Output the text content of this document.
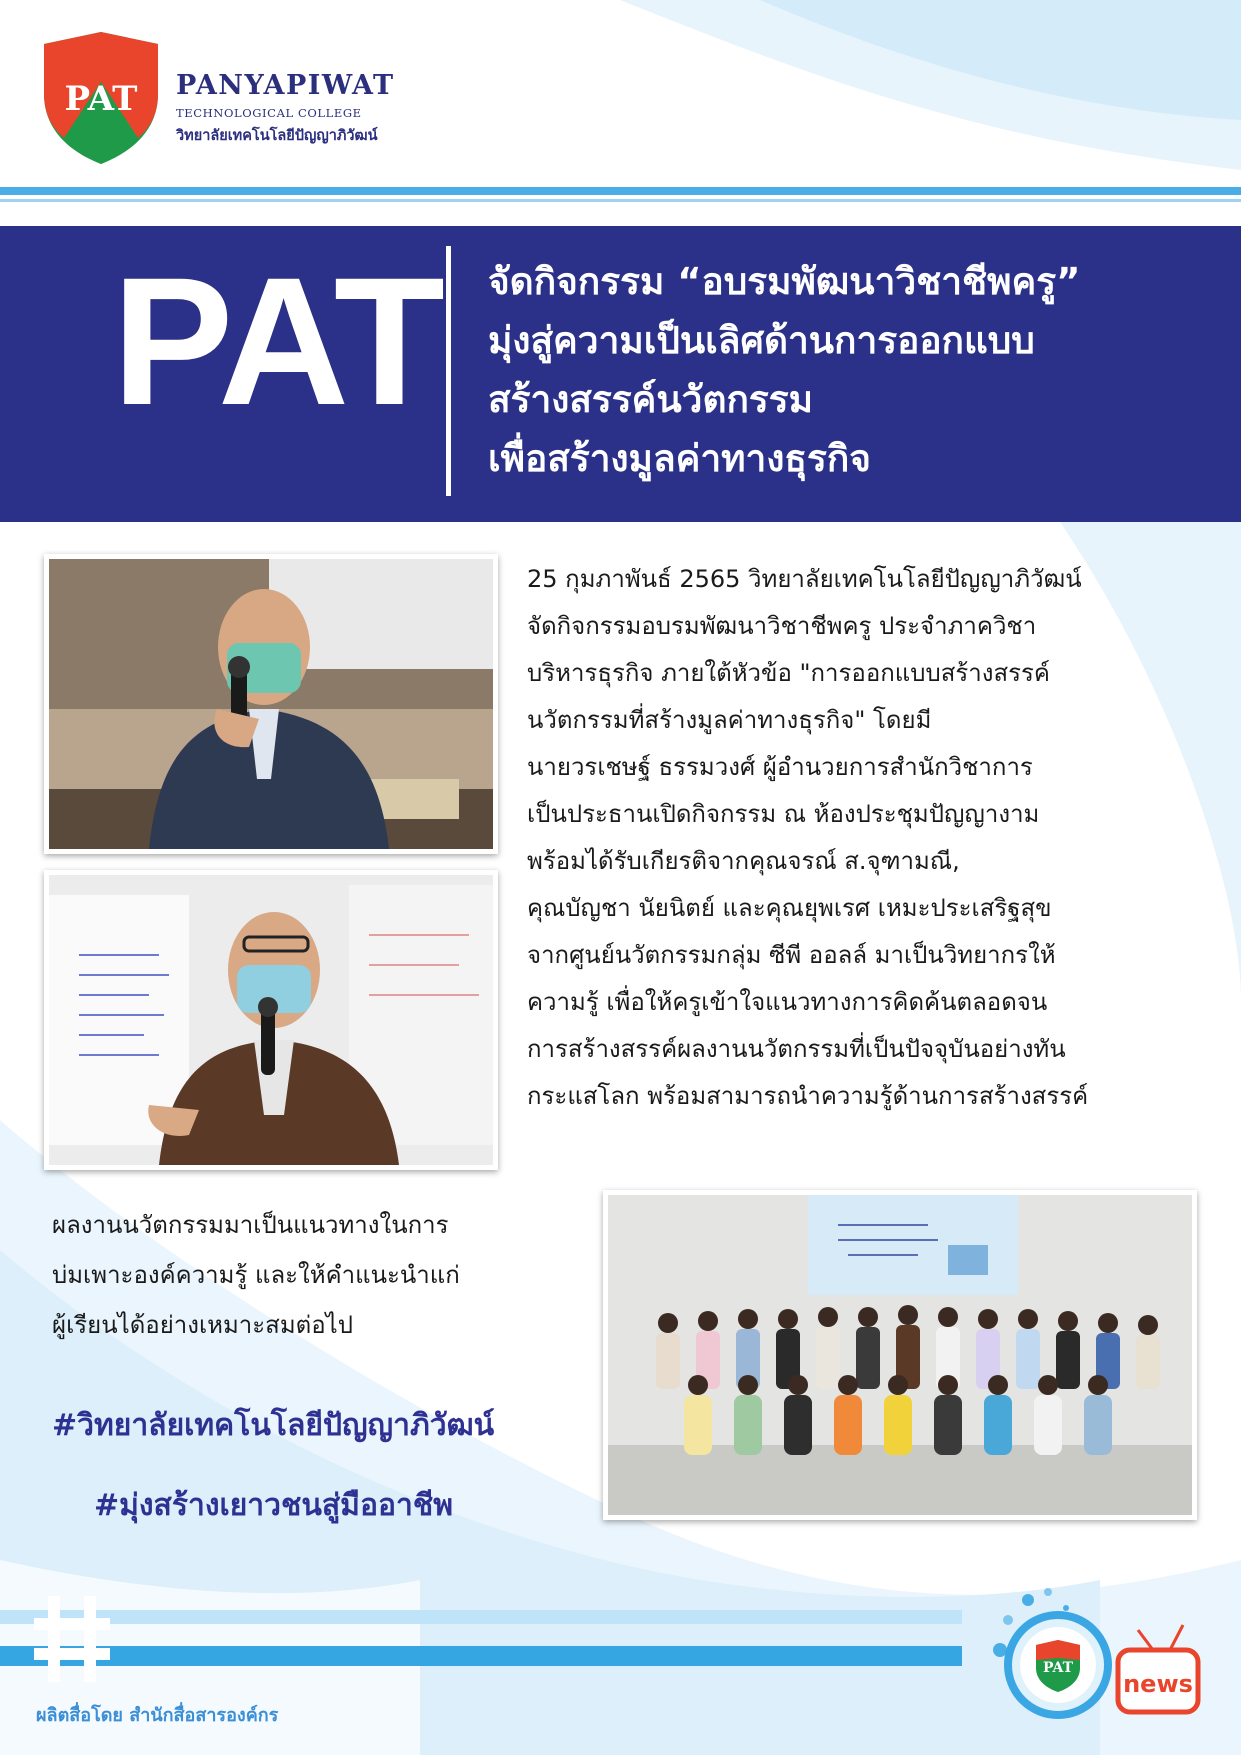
PAT PANYAPIWAT
TECHNOLOGICAL COLLEGE
วิทยาลัยเทคโนโลยีปัญญาภิวัฒน์
PAT จัดกิจกรรม “อบรมพัฒนาวิชาชีพครู”
มุ่งสู่ความเป็นเลิศด้านการออกแบบ
สร้างสรรค์นวัตกรรม
เพื่อสร้างมูลค่าทางธุรกิจ

25 กุมภาพันธ์ 2565 วิทยาลัยเทคโนโลยีปัญญาภิวัฒน์

จัดกิจกรรมอบรมพัฒนาวิชาชีพครู ประจำภาควิชา

บริหารธุรกิจ ภายใต้หัวข้อ "การออกแบบสร้างสรรค์

นวัตกรรมที่สร้างมูลค่าทางธุรกิจ" โดยมี

นายวรเชษฐ์ ธรรมวงศ์ ผู้อำนวยการสำนักวิชาการ

เป็นประธานเปิดกิจกรรม ณ ห้องประชุมปัญญางาม

พร้อมได้รับเกียรติจากคุณจรณ์ ส.จุฑามณี,

คุณบัญชา นัยนิตย์ และคุณยุพเรศ เหมะประเสริฐสุข

จากศูนย์นวัตกรรมกลุ่ม ซีพี ออลล์ มาเป็นวิทยากรให้

ความรู้ เพื่อให้ครูเข้าใจแนวทางการคิดค้นตลอดจน

การสร้างสรรค์ผลงานนวัตกรรมที่เป็นปัจจุบันอย่างทัน

กระแสโลก พร้อมสามารถนำความรู้ด้านการสร้างสรรค์

ผลงานนวัตกรรมมาเป็นแนวทางในการ

บ่มเพาะองค์ความรู้ และให้คำแนะนำแก่

ผู้เรียนได้อย่างเหมาะสมต่อไป

#วิทยาลัยเทคโนโลยีปัญญาภิวัฒน์
#มุ่งสร้างเยาวชนสู่มืออาชีพ
ผลิตสื่อโดย สำนักสื่อสารองค์กร
PAT
news
